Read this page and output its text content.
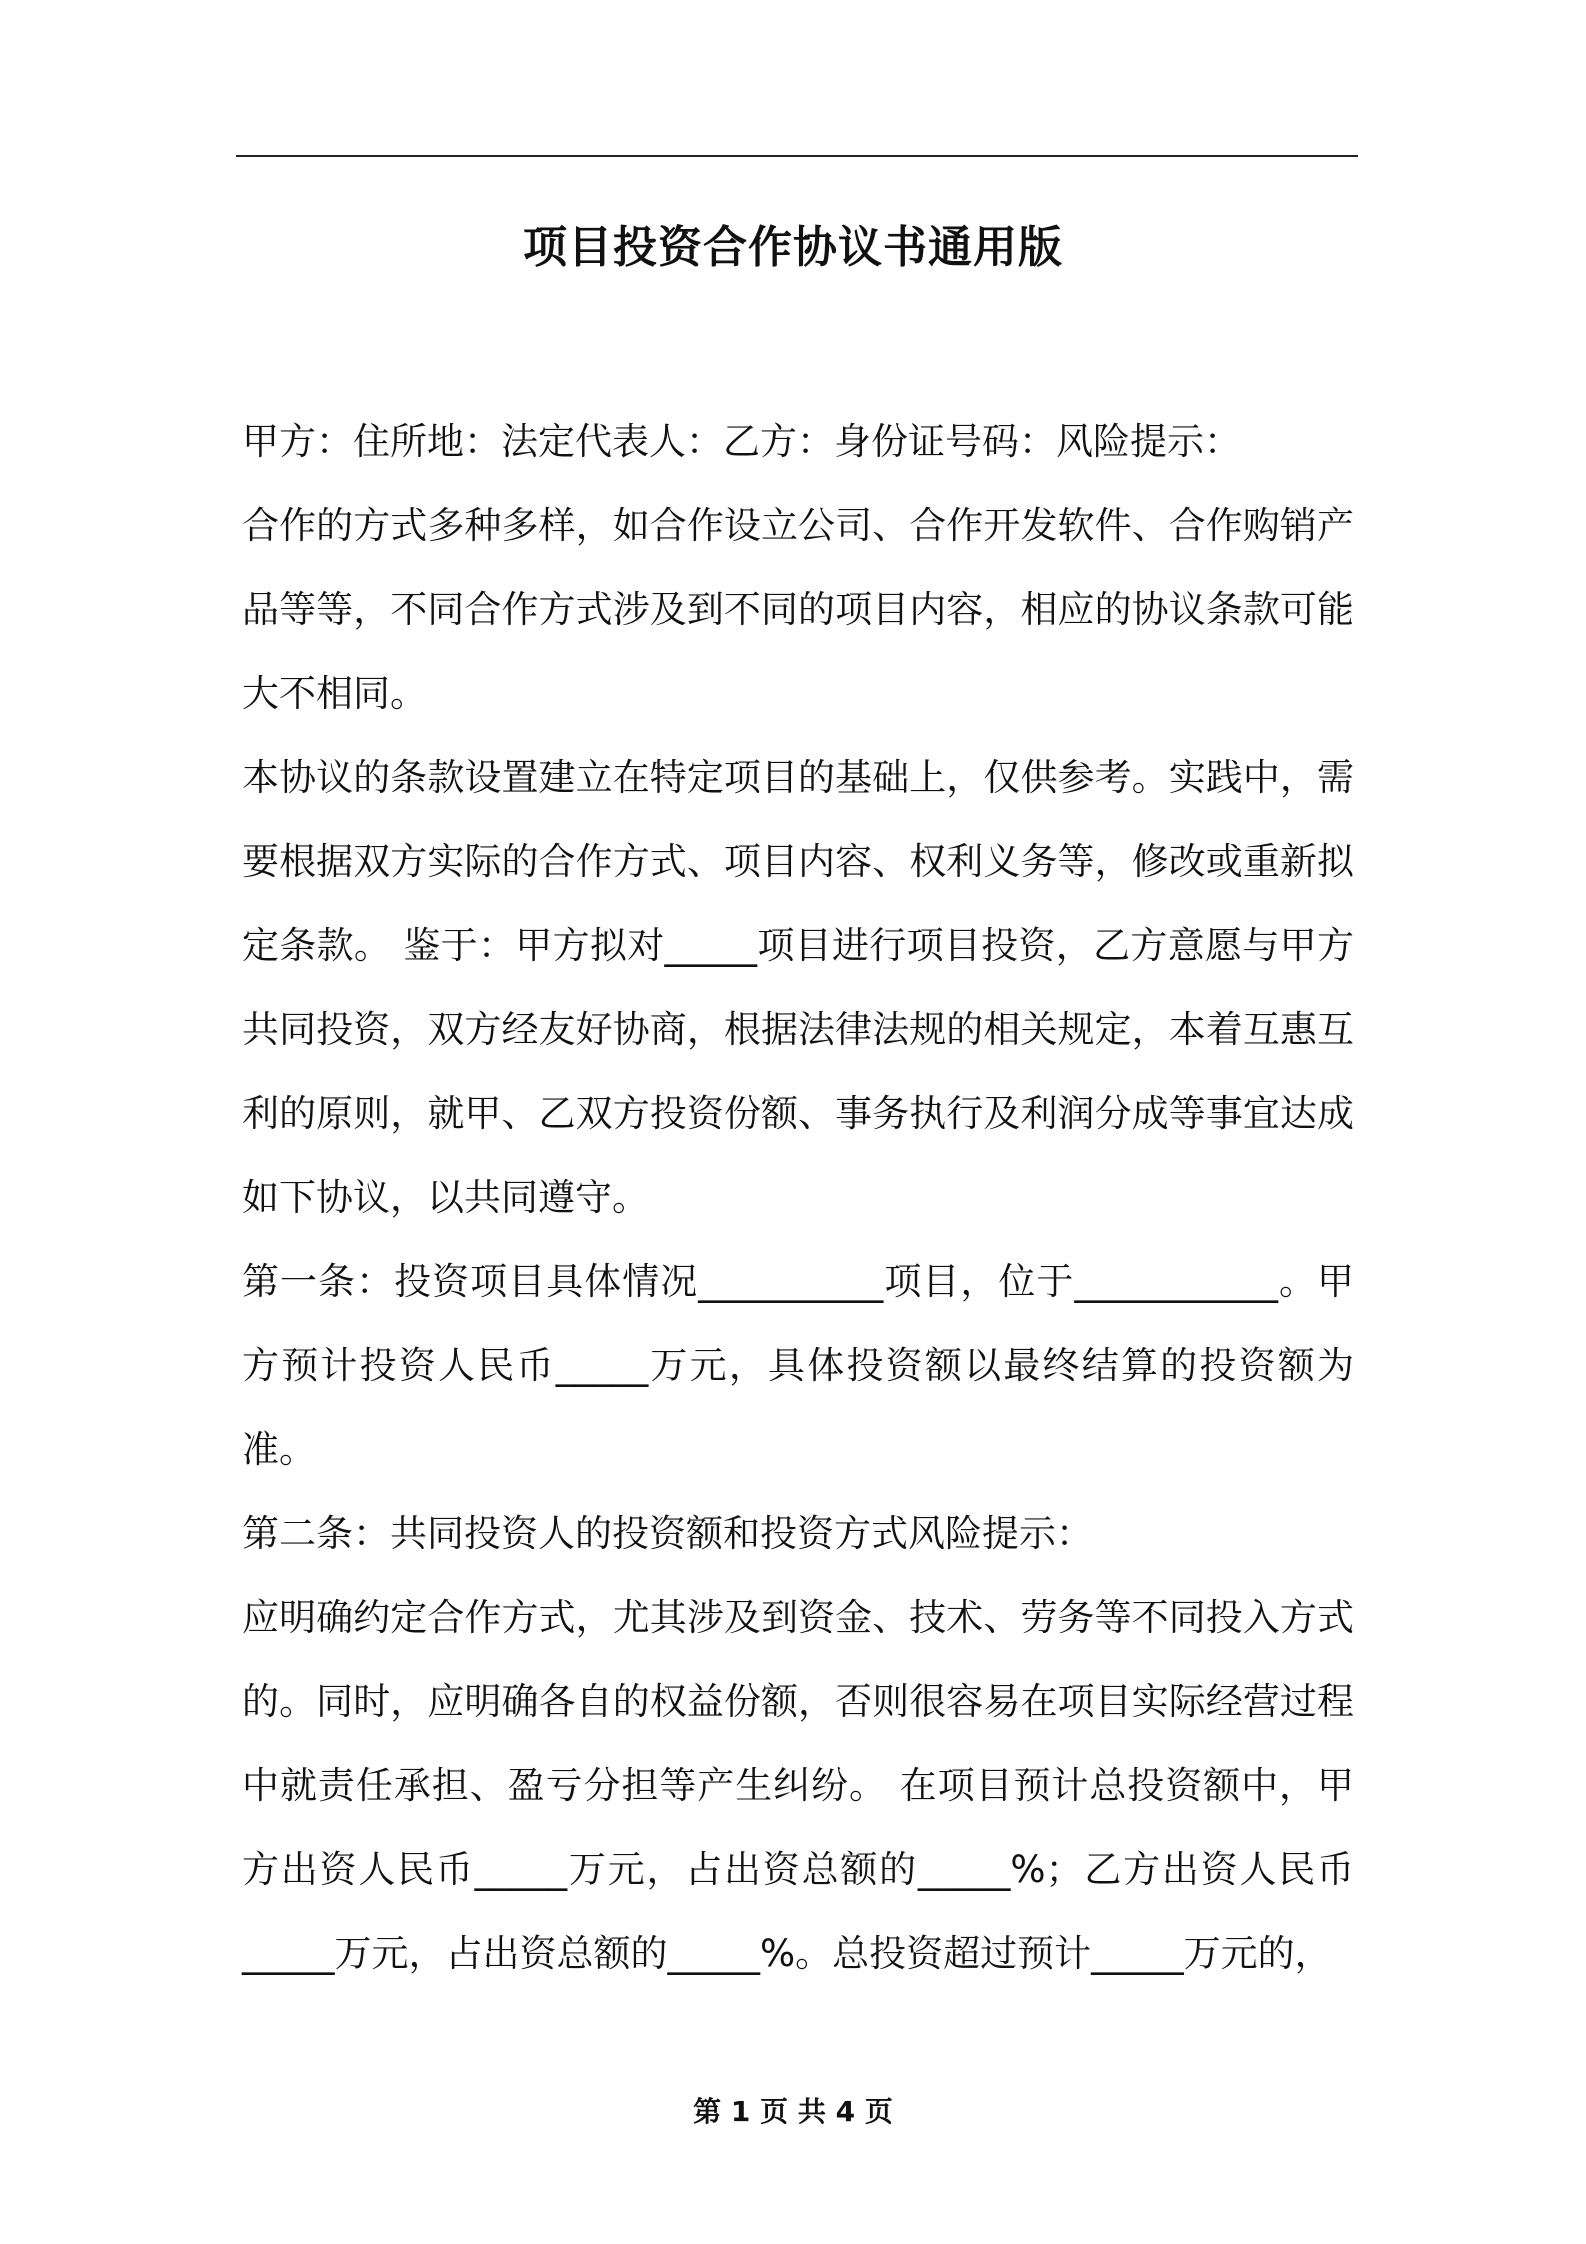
项目投资合作协议书通用版

甲方：住所地：法定代表人：乙方：身份证号码：风险提示：

合作的方式多种多样，如合作设立公司、合作开发软件、合作购销产品等等，不同合作方式涉及到不同的项目内容，相应的协议条款可能大不相同。

本协议的条款设置建立在特定项目的基础上，仅供参考。实践中，需要根据双方实际的合作方式、项目内容、权利义务等，修改或重新拟定条款。 鉴于：甲方拟对_____项目进行项目投资，乙方意愿与甲方共同投资，双方经友好协商，根据法律法规的相关规定，本着互惠互利的原则，就甲、乙双方投资份额、事务执行及利润分成等事宜达成如下协议，以共同遵守。

第一条：投资项目具体情况__________项目，位于___________。甲方预计投资人民币_____万元，具体投资额以最终结算的投资额为准。

第二条：共同投资人的投资额和投资方式风险提示：

应明确约定合作方式，尤其涉及到资金、技术、劳务等不同投入方式的。同时，应明确各自的权益份额，否则很容易在项目实际经营过程中就责任承担、盈亏分担等产生纠纷。 在项目预计总投资额中，甲方出资人民币_____万元，占出资总额的_____%；乙方出资人民币_____万元，占出资总额的_____%。总投资超过预计_____万元的，

第 1 页 共 4 页
